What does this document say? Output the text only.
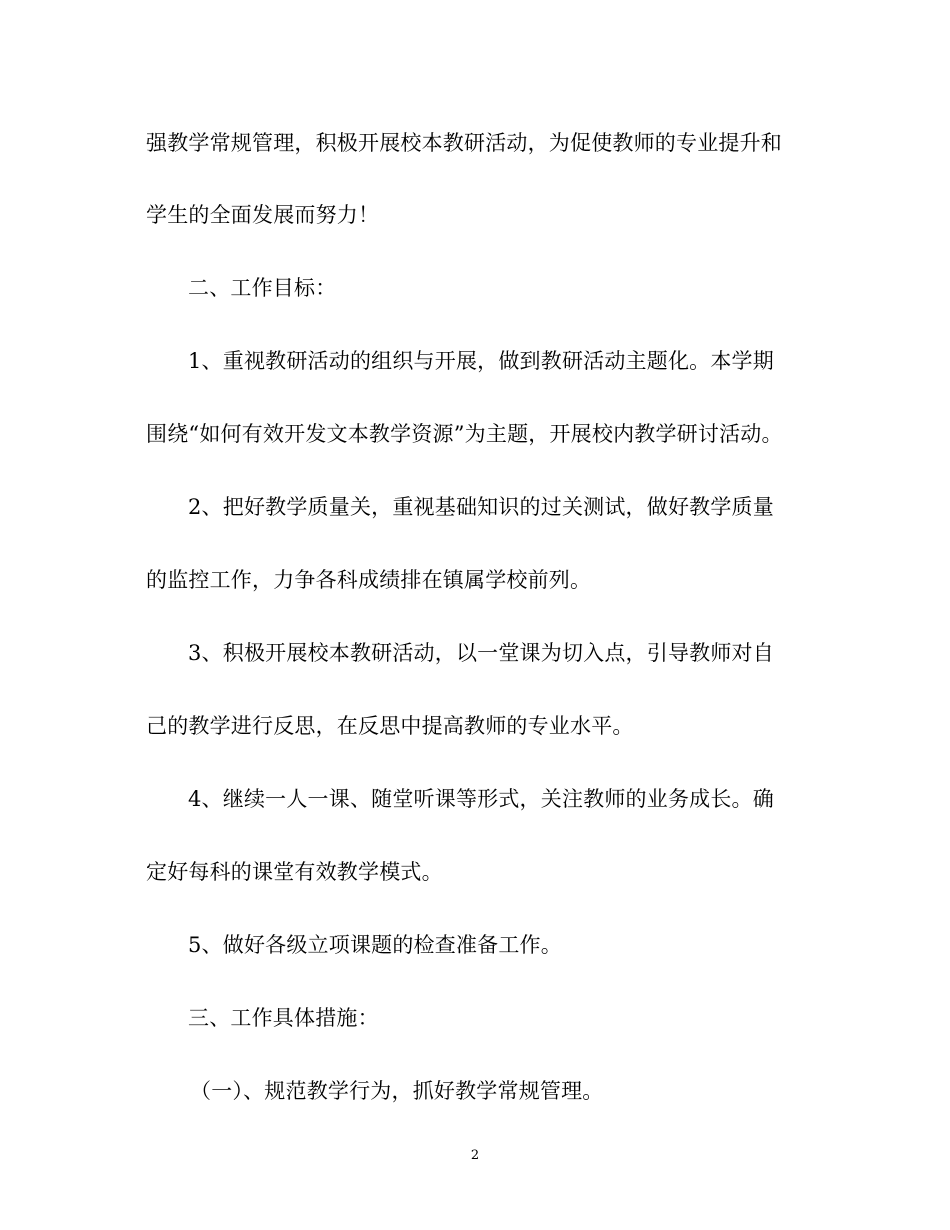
强教学常规管理，积极开展校本教研活动，为促使教师的专业提升和
学生的全面发展而努力！
二、工作目标：
1、重视教研活动的组织与开展，做到教研活动主题化。本学期
围绕“如何有效开发文本教学资源”为主题，开展校内教学研讨活动。
2、把好教学质量关，重视基础知识的过关测试，做好教学质量
的监控工作，力争各科成绩排在镇属学校前列。
3、积极开展校本教研活动，以一堂课为切入点，引导教师对自
己的教学进行反思，在反思中提高教师的专业水平。
4、继续一人一课、随堂听课等形式，关注教师的业务成长。确
定好每科的课堂有效教学模式。
5、做好各级立项课题的检查准备工作。
三、工作具体措施：
（一）、规范教学行为，抓好教学常规管理。
2
